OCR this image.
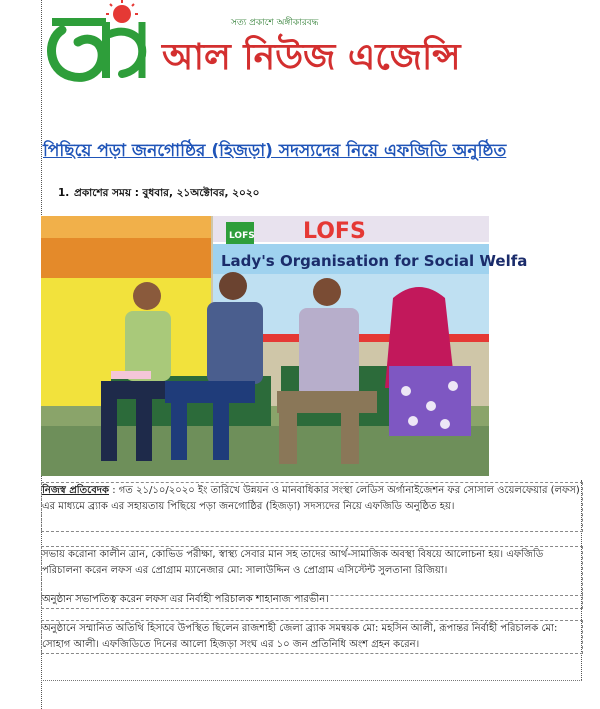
সত্য প্রকাশে অঙ্গীকারবদ্ধ
আল নিউজ এজেন্সি
পিছিয়ে পড়া জনগোষ্ঠির (হিজড়া) সদস্যদের নিয়ে এফজিডি অনুষ্ঠিত
1. প্রকাশের সময় : বুধবার, ২১অক্টোবর, ২০২০
LOFS LOFS
Lady's Organisation for Social Welfa
নিজস্ব প্রতিবেদক : গত ২১/১০/২০২০ ইং তারিখে উন্নয়ন ও মানবাধিকার সংস্থা লেডিস অর্গানাইজেশন ফর সোসাল ওয়েলফেয়ার (লফস) এর মাধ্যমে ব্র্যাক এর সহায়তায় পিছিয়ে পড়া জনগোষ্ঠির (হিজড়া) সদস্যদের নিয়ে এফজিডি অনুষ্ঠিত হয়।
সভায় করোনা কালীন ত্রান, কোভিড পরীক্ষা, স্বাস্থ্য সেবার মান সহ তাদের আর্থ-সামাজিক অবস্থা বিষয়ে আলোচনা হয়। এফজিডি পরিচালনা করেন লফস এর প্রোগ্রাম ম্যানেজার মো: সালাউদ্দিন ও প্রোগ্রাম এসিস্টেন্ট সুলতানা রিজিয়া।
অনুষ্ঠান সভাপতিত্ব করেন লফস এর নির্বাহী পরিচালক শাহানাজ পারভীন।
অনুষ্ঠানে সম্মানিত অতিথি হিসাবে উপস্থিত ছিলেন রাজশাহী জেলা ব্র্যাক সমন্বয়ক মো: মহসিন আলী, রূপান্তর নির্বাহী পরিচালক মো: সোহাগ আলী। এফজিডিতে দিনের আলো হিজড়া সংঘ এর ১০ জন প্রতিনিধি অংশ গ্রহন করেন।
